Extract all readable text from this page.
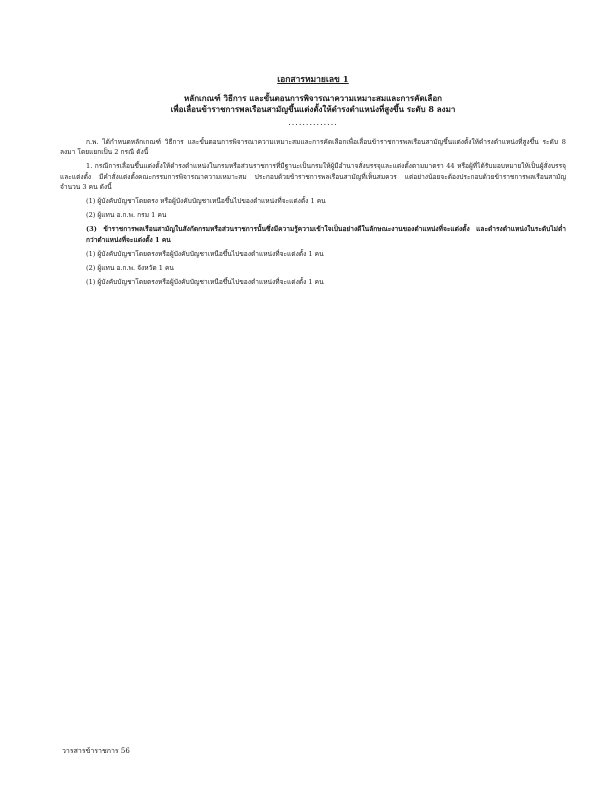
เอกสารหมายเลข 1

หลักเกณฑ์ วิธีการ และขั้นตอนการพิจารณาความเหมาะสมและการคัดเลือก

เพื่อเลื่อนข้าราชการพลเรือนสามัญขึ้นแต่งตั้งให้ดำรงตำแหน่งที่สูงขึ้น ระดับ 8 ลงมา

..............

ก.พ. ได้กำหนดหลักเกณฑ์ วิธีการ และขั้นตอนการพิจารณาความเหมาะสมและการคัดเลือกเพื่อเลื่อนข้าราชการพลเรือนสามัญขึ้นแต่งตั้งให้ดำรงตำแหน่งที่สูงขึ้น ระดับ 8 ลงมา โดยแยกเป็น 2 กรณี ดังนี้

1. กรณีการเลื่อนขึ้นแต่งตั้งให้ดำรงตำแหน่งในกรมหรือส่วนราชการที่มีฐานะเป็นกรมให้ผู้มีอำนาจสั่งบรรจุและแต่งตั้งตามมาตรา 44 หรือผู้ที่ได้รับมอบหมายให้เป็นผู้สั่งบรรจุและแต่งตั้ง มีคำสั่งแต่งตั้งคณะกรรมการพิจารณาความเหมาะสม ประกอบด้วยข้าราชการพลเรือนสามัญที่เห็นสมควร แต่อย่างน้อยจะต้องประกอบด้วยข้าราชการพลเรือนสามัญจำนวน 3 คน ดังนี้

(1) ผู้บังคับบัญชาโดยตรง หรือผู้บังคับบัญชาเหนือขึ้นไปของตำแหน่งที่จะแต่งตั้ง 1 คน

(2) ผู้แทน อ.ก.พ. กรม 1 คน

(3) ข้าราชการพลเรือนสามัญในสังกัดกรมหรือส่วนราชการนั้นซึ่งมีความรู้ความเข้าใจเป็นอย่างดีในลักษณะงานของตำแหน่งที่จะแต่งตั้ง และดำรงตำแหน่งในระดับไม่ต่ำกว่าตำแหน่งที่จะแต่งตั้ง 1 คน

(1) ผู้บังคับบัญชาโดยตรงหรือผู้บังคับบัญชาเหนือขึ้นไปของตำแหน่งที่จะแต่งตั้ง 1 คน

(2) ผู้แทน อ.ก.พ. จังหวัด 1 คน

(1) ผู้บังคับบัญชาโดยตรงหรือผู้บังคับบัญชาเหนือขึ้นไปของตำแหน่งที่จะแต่งตั้ง 1 คน

วารสารข้าราชการ 56
